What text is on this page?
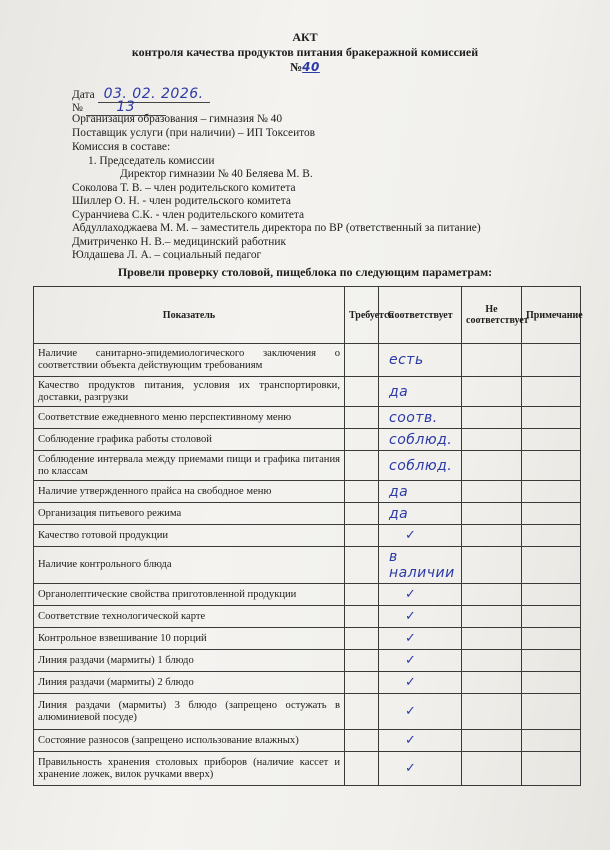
АКТ
контроля качества продуктов питания бракеражной комиссией
№40
Дата 03. 02. 2026.
№ 13
Организация образования – гимназия № 40
Поставщик услуги (при наличии) – ИП Токсеитов
Комиссия в составе:
1. Председатель комиссии
Директор гимназии № 40 Беляева М. В.
Соколова Т. В. – член родительского комитета
Шиллер О. Н. - член родительского комитета
Суранчиева С.К. - член родительского комитета
Абдуллаходжаева М. М. – заместитель директора по ВР (ответственный за питание)
Дмитриченко Н. В.– медицинский работник
Юлдашева Л. А. – социальный педагог
Провели проверку столовой, пищеблока по следующим параметрам:
Показатель	Требуется	Соответствует	Не соответствует	Примечание
Наличие санитарно-эпидемиологического заключения о соответствии объекта действующим требованиям		есть		
Качество продуктов питания, условия их транспортировки, доставки, разгрузки		да		
Соответствие ежедневного меню перспективному меню		соотв.		
Соблюдение графика работы столовой		соблюд.		
Соблюдение интервала между приемами пищи и графика питания по классам		соблюд.		
Наличие утвержденного прайса на свободное меню		да		
Организация питьевого режима		да		
Качество готовой продукции		✓		
Наличие контрольного блюда		в наличии		
Органолептические свойства приготовленной продукции		✓		
Соответствие технологической карте		✓		
Контрольное взвешивание 10 порций		✓		
Линия раздачи (мармиты) 1 блюдо		✓		
Линия раздачи (мармиты) 2 блюдо		✓		
Линия раздачи (мармиты) 3 блюдо (запрещено остужать в алюминиевой посуде)		✓		
Состояние разносов (запрещено использование влажных)		✓		
Правильность хранения столовых приборов (наличие кассет и хранение ложек, вилок ручками вверх)		✓		
